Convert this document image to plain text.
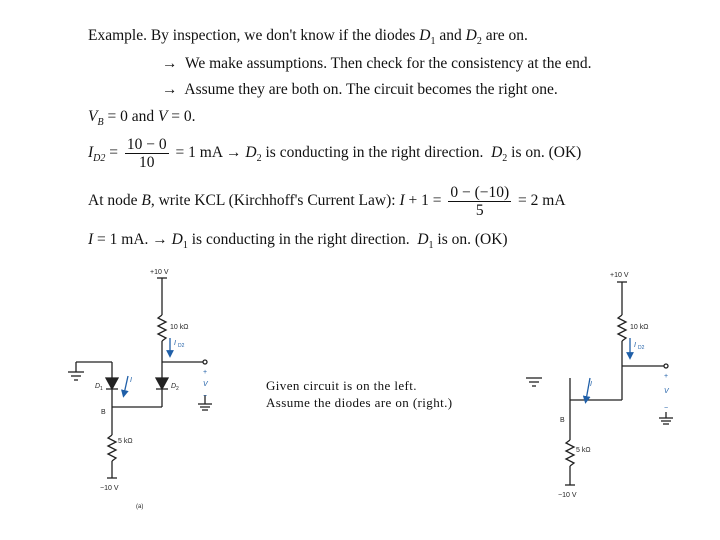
Example. By inspection, we don't know if the diodes $D_1$ and $D_2$ are on.
→ We make assumptions. Then check for the consistency at the end.
→ Assume they are both on. The circuit becomes the right one.
$V_B = 0$ and V = 0.
$I_{D2} = \frac{10 - 0}{10} = 1$ mA → $D_2$ is conducting in the right direction. $D_2$ is on. (OK)
At node B, write KCL (Kirchhoff's Current Law): $I + 1 = \frac{0 - (-10)}{5} = 2$ mA
I = 1 mA. → $D_1$ is conducting in the right direction. $D_1$ is on. (OK)
Given circuit is on the left.
Assume the diodes are on (right.)
+10 V
10 kΩ
I D2
D 1	D 2
I
B
+
V
−
5 kΩ
−10 V
(a)
+10 V
10 kΩ
I D2
I
B
+
V
−
5 kΩ
−10 V
